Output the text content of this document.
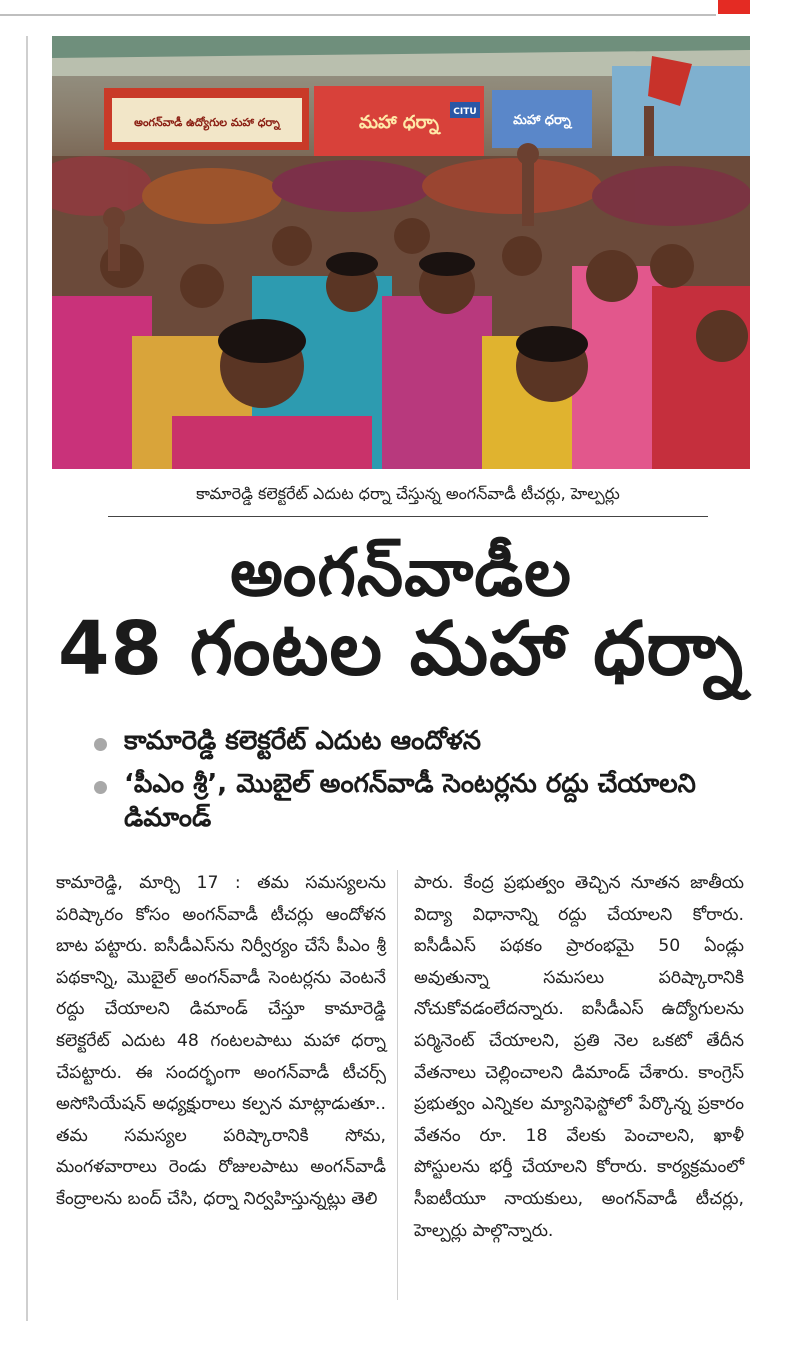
అంగన్‌వాడీ ఉద్యోగుల మహా ధర్నా	మహా ధర్నా	CITU
మహా ధర్నా
కామారెడ్డి కలెక్టరేట్ ఎదుట ధర్నా చేస్తున్న అంగన్‌వాడీ టీచర్లు, హెల్పర్లు
అంగన్‌వాడీల
48 గంటల మహా ధర్నా
కామారెడ్డి కలెక్టరేట్ ఎదుట ఆందోళన
‘పీఎం శ్రీ’, మొబైల్ అంగన్‌వాడీ సెంటర్లను రద్దు చేయాలని డిమాండ్
కామారెడ్డి, మార్చి 17 : తమ సమస్యలను పరిష్కారం కోసం అంగన్‌వాడీ టీచర్లు ఆందోళన బాట పట్టారు. ఐసీడీఎస్‌ను నిర్వీర్యం చేసే పీఎం శ్రీ పథకాన్ని, మొబైల్ అంగన్‌వాడీ సెంటర్లను వెంటనే రద్దు చేయాలని డిమాండ్ చేస్తూ కామారెడ్డి కలెక్టరేట్ ఎదుట 48 గంటలపాటు మహా ధర్నా చేపట్టారు. ఈ సందర్భంగా అంగన్‌వాడీ టీచర్స్ అసోసియేషన్ అధ్యక్షురాలు కల్పన మాట్లాడుతూ.. తమ సమస్యల పరిష్కారానికి సోమ, మంగళవారాలు రెండు రోజులపాటు అంగన్‌వాడీ కేంద్రాలను బంద్ చేసి, ధర్నా నిర్వహిస్తున్నట్లు తెలి
పారు. కేంద్ర ప్రభుత్వం తెచ్చిన నూతన జాతీయ విద్యా విధానాన్ని రద్దు చేయాలని కోరారు. ఐసీడీఎస్ పథకం ప్రారంభమై 50 ఏండ్లు అవుతున్నా సమసలు పరిష్కారానికి నోచుకోవడంలేదన్నారు. ఐసీడీఎస్ ఉద్యోగులను పర్మినెంట్ చేయాలని, ప్రతి నెల ఒకటో తేదీన వేతనాలు చెల్లించాలని డిమాండ్ చేశారు. కాంగ్రెస్ ప్రభుత్వం ఎన్నికల మ్యానిఫెస్టోలో పేర్కొన్న ప్రకారం వేతనం రూ. 18 వేలకు పెంచాలని, ఖాళీ పోస్టులను భర్తీ చేయాలని కోరారు. కార్యక్రమంలో సీఐటీయూ నాయకులు, అంగన్‌వాడీ టీచర్లు, హెల్పర్లు పాల్గొన్నారు.
